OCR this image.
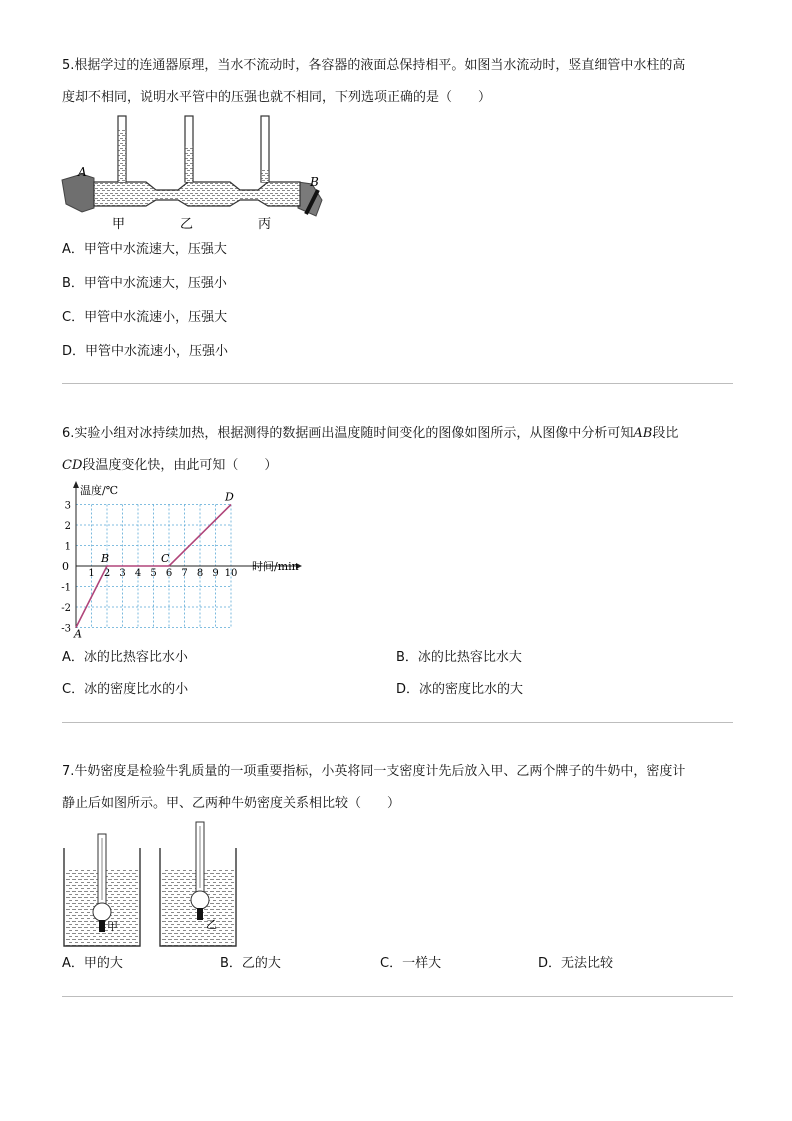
5.根据学过的连通器原理，当水不流动时，各容器的液面总保持相平。如图当水流动时，竖直细管中水柱的高
度却不相同，说明水平管中的压强也就不相同，下列选项正确的是（　　）
A
B
甲	乙	丙
A．甲管中水流速大，压强大
B．甲管中水流速大，压强小
C．甲管中水流速小，压强大
D．甲管中水流速小，压强小
6.实验小组对冰持续加热，根据测得的数据画出温度随时间变化的图像如图所示，从图像中分析可知AB段比
CD段温度变化快，由此可知（　　）
温度/℃
时间/min
0
1 2 3 4 5 6 7 8 9 10
3
2
1
-1
-2
-3 A
B	C
D
A．冰的比热容比水小	B．冰的比热容比水大
C．冰的密度比水的小	D．冰的密度比水的大
7.牛奶密度是检验牛乳质量的一项重要指标，小英将同一支密度计先后放入甲、乙两个牌子的牛奶中，密度计
静止后如图所示。甲、乙两种牛奶密度关系相比较（　　）
甲	乙
A．甲的大	B．乙的大	C．一样大	D．无法比较
